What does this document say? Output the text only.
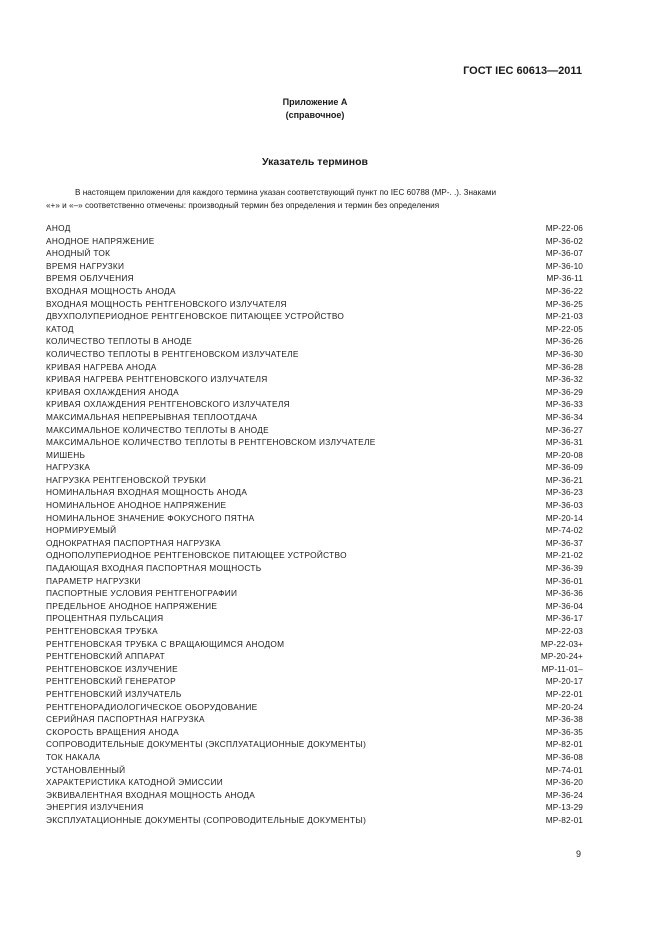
ГОСТ IEC 60613—2011
Приложение А
(справочное)
Указатель терминов
В настоящем приложении для каждого термина указан соответствующий пункт по IEC 60788 (МР-. .). Знаками
«+» и «–» соответственно отмечены: производный термин без определения и термин без определения
АНОД	МР-22-06
АНОДНОЕ НАПРЯЖЕНИЕ	МР-36-02
АНОДНЫЙ ТОК	МР-36-07
ВРЕМЯ НАГРУЗКИ	МР-36-10
ВРЕМЯ ОБЛУЧЕНИЯ	МР-36-11
ВХОДНАЯ МОЩНОСТЬ АНОДА	МР-36-22
ВХОДНАЯ МОЩНОСТЬ РЕНТГЕНОВСКОГО ИЗЛУЧАТЕЛЯ	МР-36-25
ДВУХПОЛУПЕРИОДНОЕ РЕНТГЕНОВСКОЕ ПИТАЮЩЕЕ УСТРОЙСТВО	МР-21-03
КАТОД	МР-22-05
КОЛИЧЕСТВО ТЕПЛОТЫ В АНОДЕ	МР-36-26
КОЛИЧЕСТВО ТЕПЛОТЫ В РЕНТГЕНОВСКОМ ИЗЛУЧАТЕЛЕ	МР-36-30
КРИВАЯ НАГРЕВА АНОДА	МР-36-28
КРИВАЯ НАГРЕВА РЕНТГЕНОВСКОГО ИЗЛУЧАТЕЛЯ	МР-36-32
КРИВАЯ ОХЛАЖДЕНИЯ АНОДА	МР-36-29
КРИВАЯ ОХЛАЖДЕНИЯ РЕНТГЕНОВСКОГО ИЗЛУЧАТЕЛЯ	МР-36-33
МАКСИМАЛЬНАЯ НЕПРЕРЫВНАЯ ТЕПЛООТДАЧА	МР-36-34
МАКСИМАЛЬНОЕ КОЛИЧЕСТВО ТЕПЛОТЫ В АНОДЕ	МР-36-27
МАКСИМАЛЬНОЕ КОЛИЧЕСТВО ТЕПЛОТЫ В РЕНТГЕНОВСКОМ ИЗЛУЧАТЕЛЕ	МР-36-31
МИШЕНЬ	МР-20-08
НАГРУЗКА	МР-36-09
НАГРУЗКА РЕНТГЕНОВСКОЙ ТРУБКИ	МР-36-21
НОМИНАЛЬНАЯ ВХОДНАЯ МОЩНОСТЬ АНОДА	МР-36-23
НОМИНАЛЬНОЕ АНОДНОЕ НАПРЯЖЕНИЕ	МР-36-03
НОМИНАЛЬНОЕ ЗНАЧЕНИЕ ФОКУСНОГО ПЯТНА	МР-20-14
НОРМИРУЕМЫЙ	МР-74-02
ОДНОКРАТНАЯ ПАСПОРТНАЯ НАГРУЗКА	МР-36-37
ОДНОПОЛУПЕРИОДНОЕ РЕНТГЕНОВСКОЕ ПИТАЮЩЕЕ УСТРОЙСТВО	МР-21-02
ПАДАЮЩАЯ ВХОДНАЯ ПАСПОРТНАЯ МОЩНОСТЬ	МР-36-39
ПАРАМЕТР НАГРУЗКИ	МР-36-01
ПАСПОРТНЫЕ УСЛОВИЯ РЕНТГЕНОГРАФИИ	МР-36-36
ПРЕДЕЛЬНОЕ АНОДНОЕ НАПРЯЖЕНИЕ	МР-36-04
ПРОЦЕНТНАЯ ПУЛЬСАЦИЯ	МР-36-17
РЕНТГЕНОВСКАЯ ТРУБКА	МР-22-03
РЕНТГЕНОВСКАЯ ТРУБКА С ВРАЩАЮЩИМСЯ АНОДОМ	МР-22-03+
РЕНТГЕНОВСКИЙ АППАРАТ	МР-20-24+
РЕНТГЕНОВСКОЕ ИЗЛУЧЕНИЕ	МР-11-01–
РЕНТГЕНОВСКИЙ ГЕНЕРАТОР	МР-20-17
РЕНТГЕНОВСКИЙ ИЗЛУЧАТЕЛЬ	МР-22-01
РЕНТГЕНОРАДИОЛОГИЧЕСКОЕ ОБОРУДОВАНИЕ	МР-20-24
СЕРИЙНАЯ ПАСПОРТНАЯ НАГРУЗКА	МР-36-38
СКОРОСТЬ ВРАЩЕНИЯ АНОДА	МР-36-35
СОПРОВОДИТЕЛЬНЫЕ ДОКУМЕНТЫ (ЭКСПЛУАТАЦИОННЫЕ ДОКУМЕНТЫ)	МР-82-01
ТОК НАКАЛА	МР-36-08
УСТАНОВЛЕННЫЙ	МР-74-01
ХАРАКТЕРИСТИКА КАТОДНОЙ ЭМИССИИ	МР-36-20
ЭКВИВАЛЕНТНАЯ ВХОДНАЯ МОЩНОСТЬ АНОДА	МР-36-24
ЭНЕРГИЯ ИЗЛУЧЕНИЯ	МР-13-29
ЭКСПЛУАТАЦИОННЫЕ ДОКУМЕНТЫ (СОПРОВОДИТЕЛЬНЫЕ ДОКУМЕНТЫ)	МР-82-01
9
